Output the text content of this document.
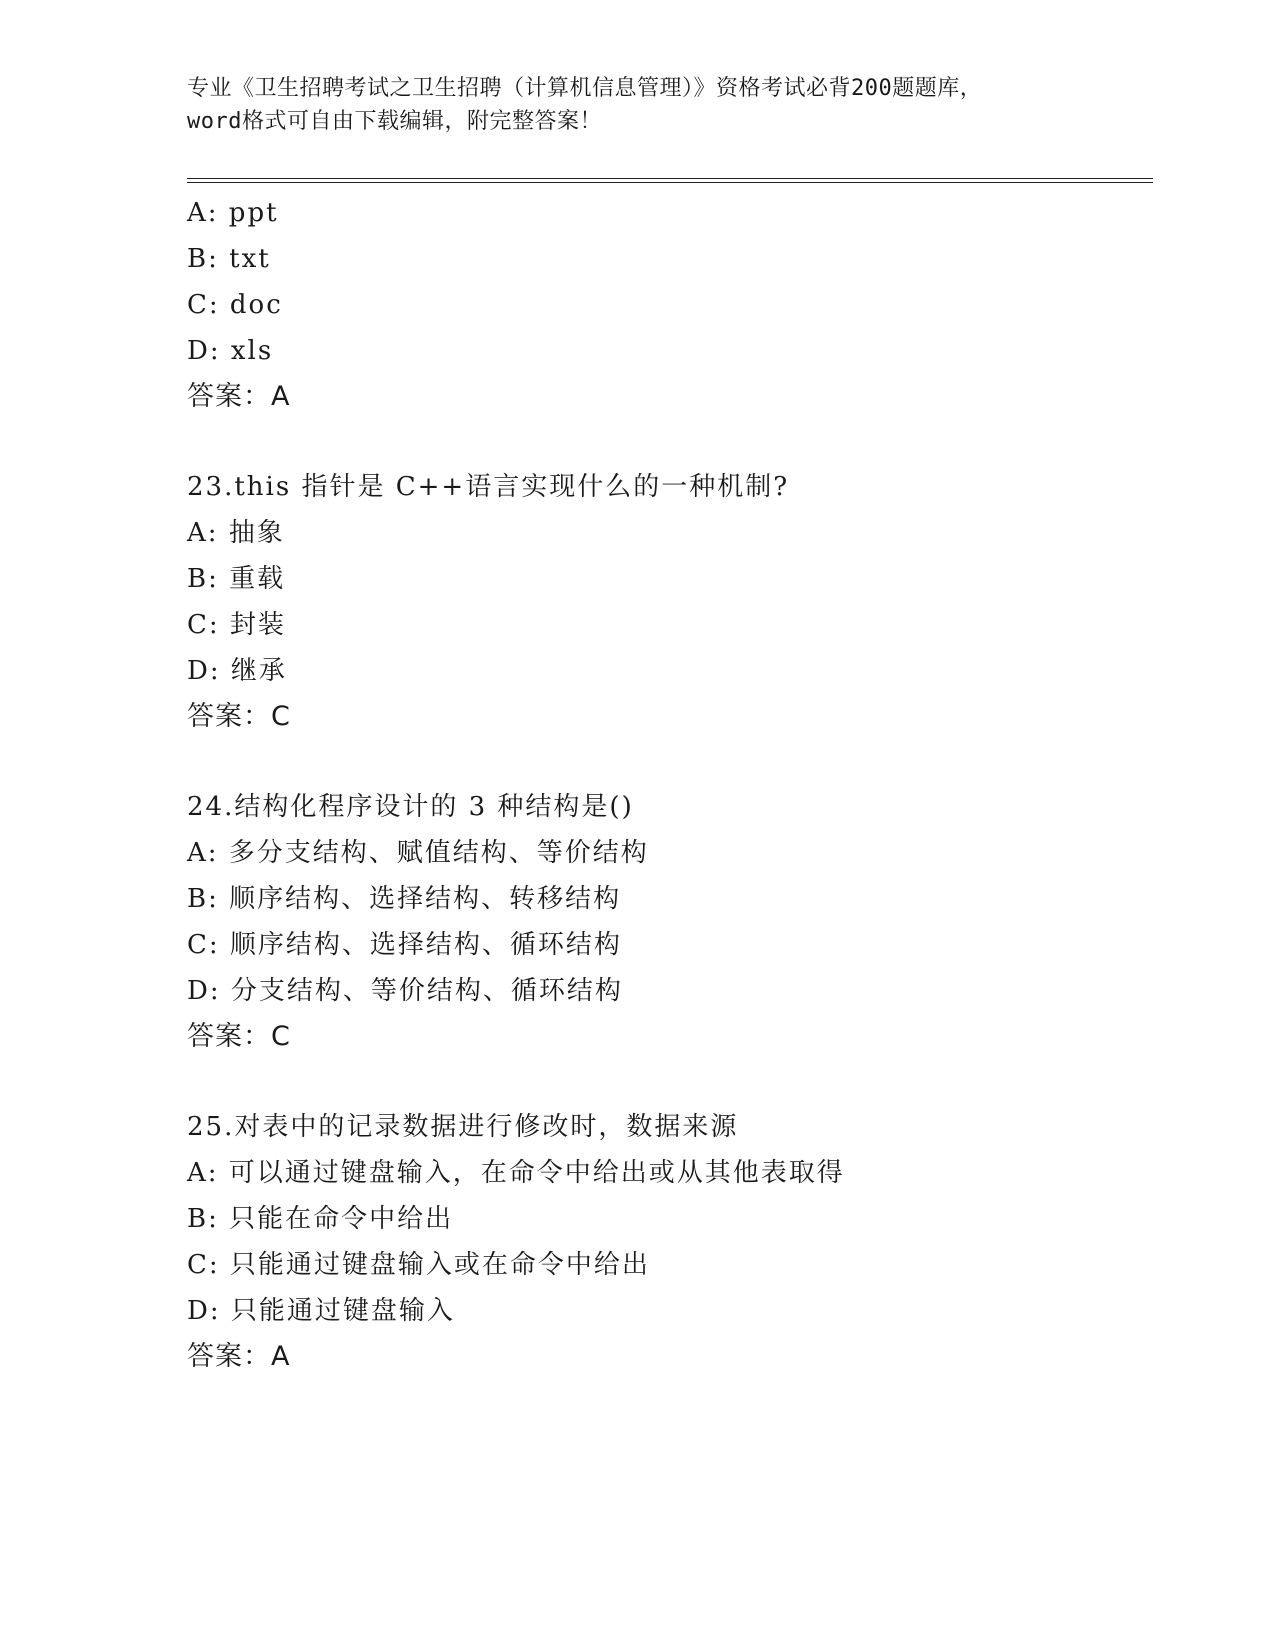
专业《卫生招聘考试之卫生招聘（计算机信息管理）》资格考试必背200题题库，
word格式可自由下载编辑，附完整答案！
A: ppt
B: txt
C: doc
D: xls
答案：A
23.this 指针是 C++语言实现什么的一种机制?
A: 抽象
B: 重载
C: 封装
D: 继承
答案：C
24.结构化程序设计的 3 种结构是()
A: 多分支结构、赋值结构、等价结构
B: 顺序结构、选择结构、转移结构
C: 顺序结构、选择结构、循环结构
D: 分支结构、等价结构、循环结构
答案：C
25.对表中的记录数据进行修改时，数据来源
A: 可以通过键盘输入，在命令中给出或从其他表取得
B: 只能在命令中给出
C: 只能通过键盘输入或在命令中给出
D: 只能通过键盘输入
答案：A
